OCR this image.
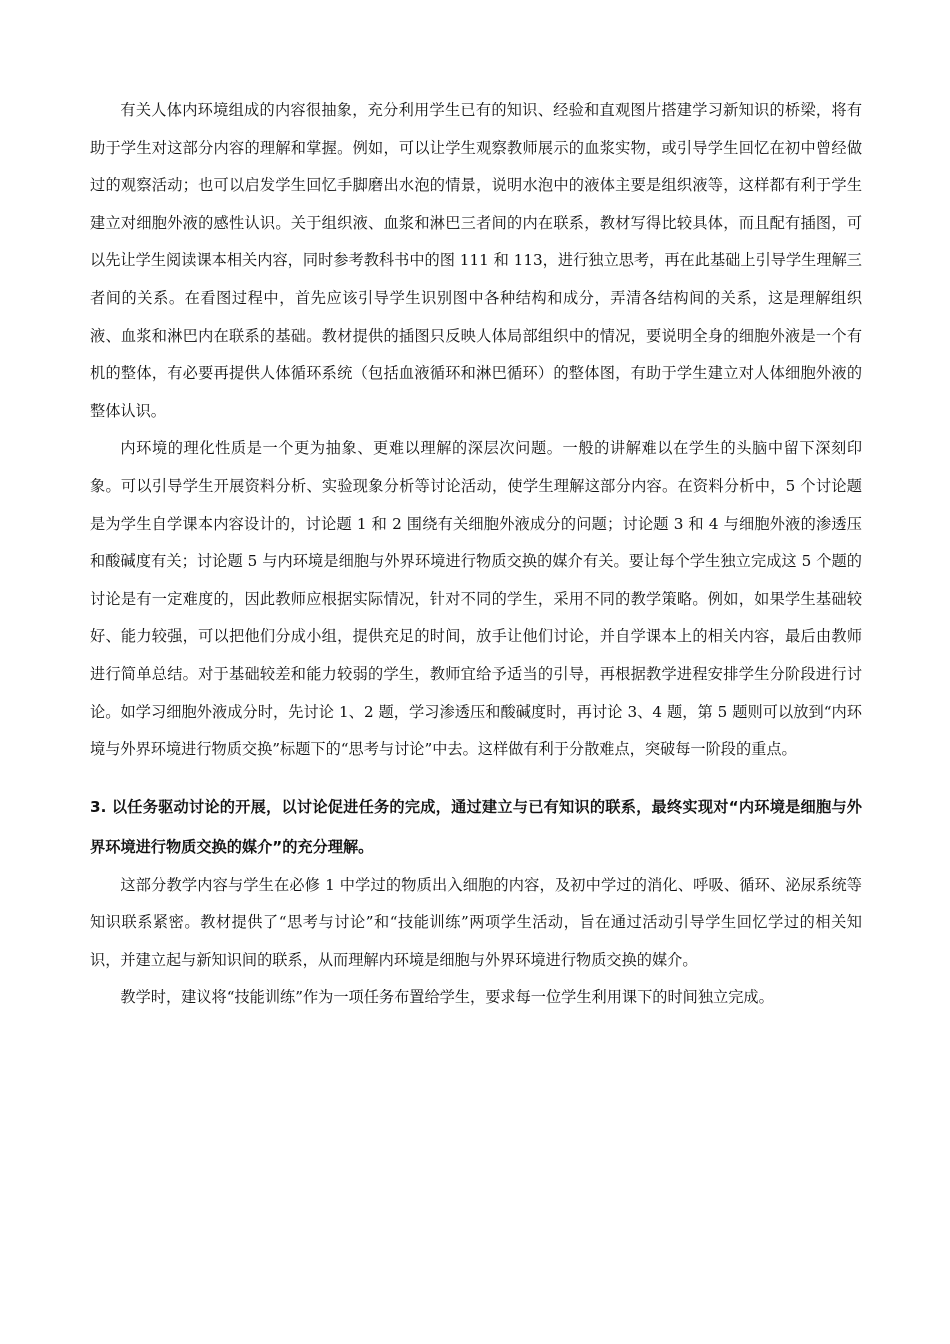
有关人体内环境组成的内容很抽象，充分利用学生已有的知识、经验和直观图片搭建学习新知识的桥梁，将有助于学生对这部分内容的理解和掌握。例如，可以让学生观察教师展示的血浆实物，或引导学生回忆在初中曾经做过的观察活动；也可以启发学生回忆手脚磨出水泡的情景，说明水泡中的液体主要是组织液等，这样都有利于学生建立对细胞外液的感性认识。关于组织液、血浆和淋巴三者间的内在联系，教材写得比较具体，而且配有插图，可以先让学生阅读课本相关内容，同时参考教科书中的图 111 和 113，进行独立思考，再在此基础上引导学生理解三者间的关系。在看图过程中，首先应该引导学生识别图中各种结构和成分，弄清各结构间的关系，这是理解组织液、血浆和淋巴内在联系的基础。教材提供的插图只反映人体局部组织中的情况，要说明全身的细胞外液是一个有机的整体，有必要再提供人体循环系统（包括血液循环和淋巴循环）的整体图，有助于学生建立对人体细胞外液的整体认识。

内环境的理化性质是一个更为抽象、更难以理解的深层次问题。一般的讲解难以在学生的头脑中留下深刻印象。可以引导学生开展资料分析、实验现象分析等讨论活动，使学生理解这部分内容。在资料分析中，5 个讨论题是为学生自学课本内容设计的，讨论题 1 和 2 围绕有关细胞外液成分的问题；讨论题 3 和 4 与细胞外液的渗透压和酸碱度有关；讨论题 5 与内环境是细胞与外界环境进行物质交换的媒介有关。要让每个学生独立完成这 5 个题的讨论是有一定难度的，因此教师应根据实际情况，针对不同的学生，采用不同的教学策略。例如，如果学生基础较好、能力较强，可以把他们分成小组，提供充足的时间，放手让他们讨论，并自学课本上的相关内容，最后由教师进行简单总结。对于基础较差和能力较弱的学生，教师宜给予适当的引导，再根据教学进程安排学生分阶段进行讨论。如学习细胞外液成分时，先讨论 1、2 题，学习渗透压和酸碱度时，再讨论 3、4 题，第 5 题则可以放到“内环境与外界环境进行物质交换”标题下的“思考与讨论”中去。这样做有利于分散难点，突破每一阶段的重点。

3. 以任务驱动讨论的开展，以讨论促进任务的完成，通过建立与已有知识的联系，最终实现对“内环境是细胞与外界环境进行物质交换的媒介”的充分理解。

这部分教学内容与学生在必修 1 中学过的物质出入细胞的内容，及初中学过的消化、呼吸、循环、泌尿系统等知识联系紧密。教材提供了“思考与讨论”和“技能训练”两项学生活动，旨在通过活动引导学生回忆学过的相关知识，并建立起与新知识间的联系，从而理解内环境是细胞与外界环境进行物质交换的媒介。

教学时，建议将“技能训练”作为一项任务布置给学生，要求每一位学生利用课下的时间独立完成。
